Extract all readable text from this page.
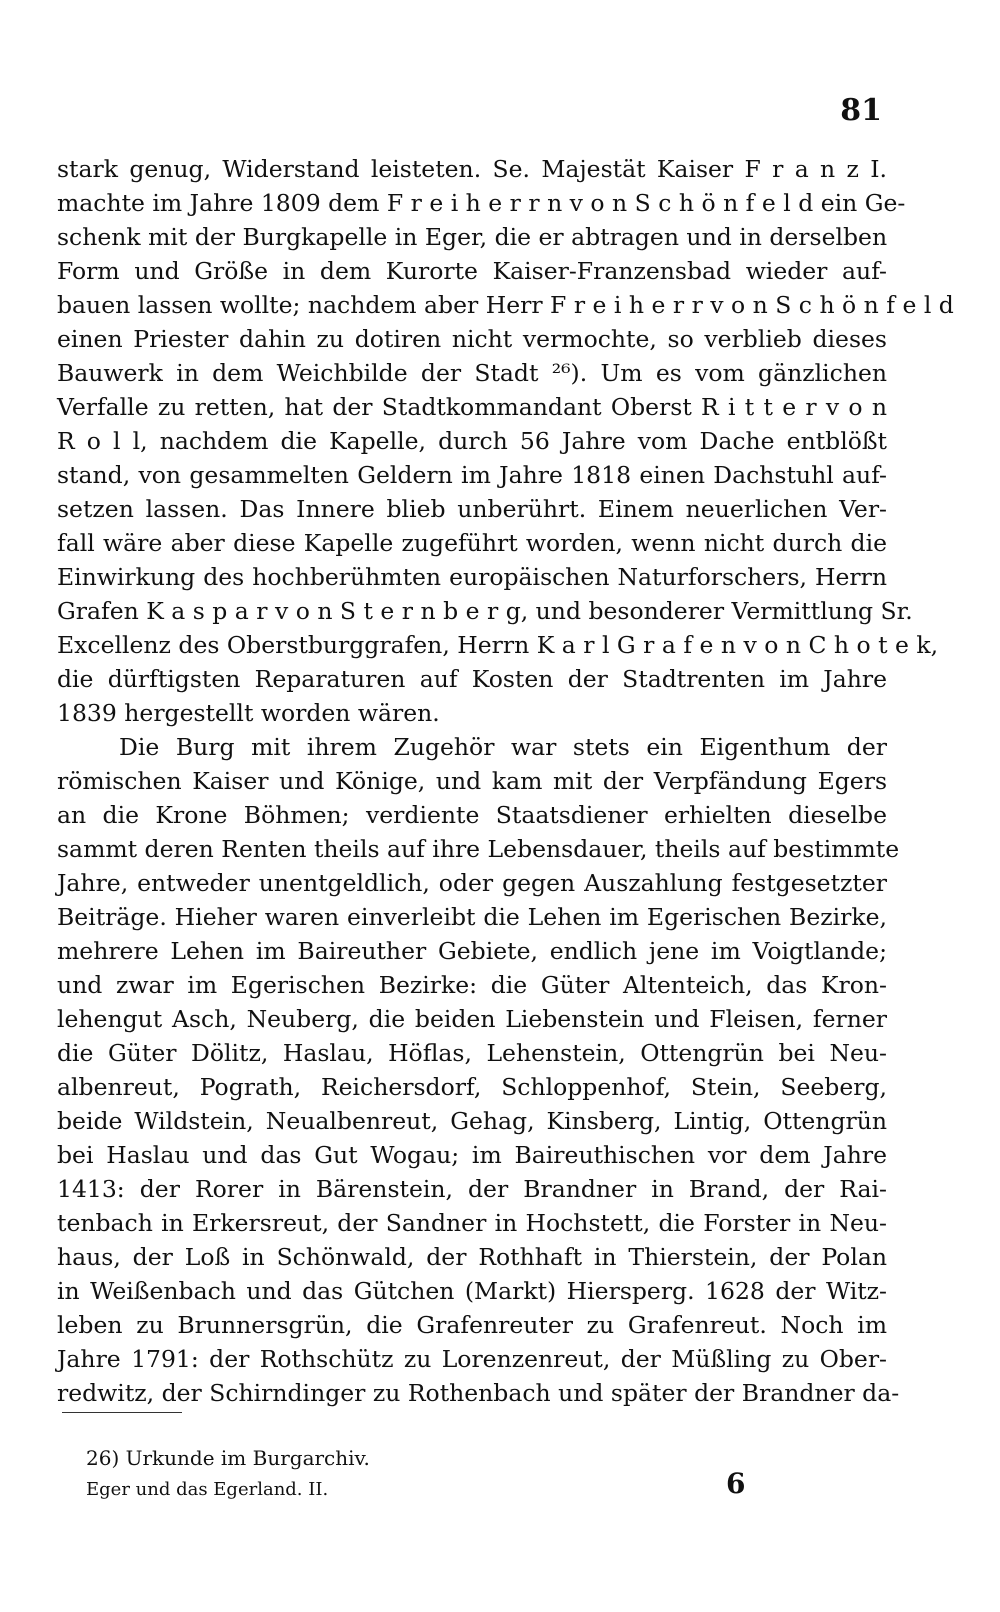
81
stark genug, Widerstand leisteten. Se. Majestät Kaiser F r a n z I.
machte im Jahre 1809 dem F r e i h e r r n v o n S c h ö n f e l d ein Ge-
schenk mit der Burgkapelle in Eger, die er abtragen und in derselben
Form und Größe in dem Kurorte Kaiser-Franzensbad wieder auf-
bauen lassen wollte; nachdem aber Herr F r e i h e r r v o n S c h ö n f e l d
einen Priester dahin zu dotiren nicht vermochte, so verblieb dieses
Bauwerk in dem Weichbilde der Stadt ²⁶). Um es vom gänzlichen
Verfalle zu retten, hat der Stadtkommandant Oberst R i t t e r v o n
R o l l, nachdem die Kapelle, durch 56 Jahre vom Dache entblößt
stand, von gesammelten Geldern im Jahre 1818 einen Dachstuhl auf-
setzen lassen. Das Innere blieb unberührt. Einem neuerlichen Ver-
fall wäre aber diese Kapelle zugeführt worden, wenn nicht durch die
Einwirkung des hochberühmten europäischen Naturforschers, Herrn
Grafen K a s p a r v o n S t e r n b e r g, und besonderer Vermittlung Sr.
Excellenz des Oberstburggrafen, Herrn K a r l G r a f e n v o n C h o t e k,
die dürftigsten Reparaturen auf Kosten der Stadtrenten im Jahre
1839 hergestellt worden wären.
Die Burg mit ihrem Zugehör war stets ein Eigenthum der
römischen Kaiser und Könige, und kam mit der Verpfändung Egers
an die Krone Böhmen; verdiente Staatsdiener erhielten dieselbe
sammt deren Renten theils auf ihre Lebensdauer, theils auf bestimmte
Jahre, entweder unentgeldlich, oder gegen Auszahlung festgesetzter
Beiträge. Hieher waren einverleibt die Lehen im Egerischen Bezirke,
mehrere Lehen im Baireuther Gebiete, endlich jene im Voigtlande;
und zwar im Egerischen Bezirke: die Güter Altenteich, das Kron-
lehengut Asch, Neuberg, die beiden Liebenstein und Fleisen, ferner
die Güter Dölitz, Haslau, Höflas, Lehenstein, Ottengrün bei Neu-
albenreut, Pograth, Reichersdorf, Schloppenhof, Stein, Seeberg,
beide Wildstein, Neualbenreut, Gehag, Kinsberg, Lintig, Ottengrün
bei Haslau und das Gut Wogau; im Baireuthischen vor dem Jahre
1413: der Rorer in Bärenstein, der Brandner in Brand, der Rai-
tenbach in Erkersreut, der Sandner in Hochstett, die Forster in Neu-
haus, der Loß in Schönwald, der Rothhaft in Thierstein, der Polan
in Weißenbach und das Gütchen (Markt) Hiersperg. 1628 der Witz-
leben zu Brunnersgrün, die Grafenreuter zu Grafenreut. Noch im
Jahre 1791: der Rothschütz zu Lorenzenreut, der Müßling zu Ober-
redwitz, der Schirndinger zu Rothenbach und später der Brandner da-
26) Urkunde im Burgarchiv.
Eger und das Egerland. II.	6
